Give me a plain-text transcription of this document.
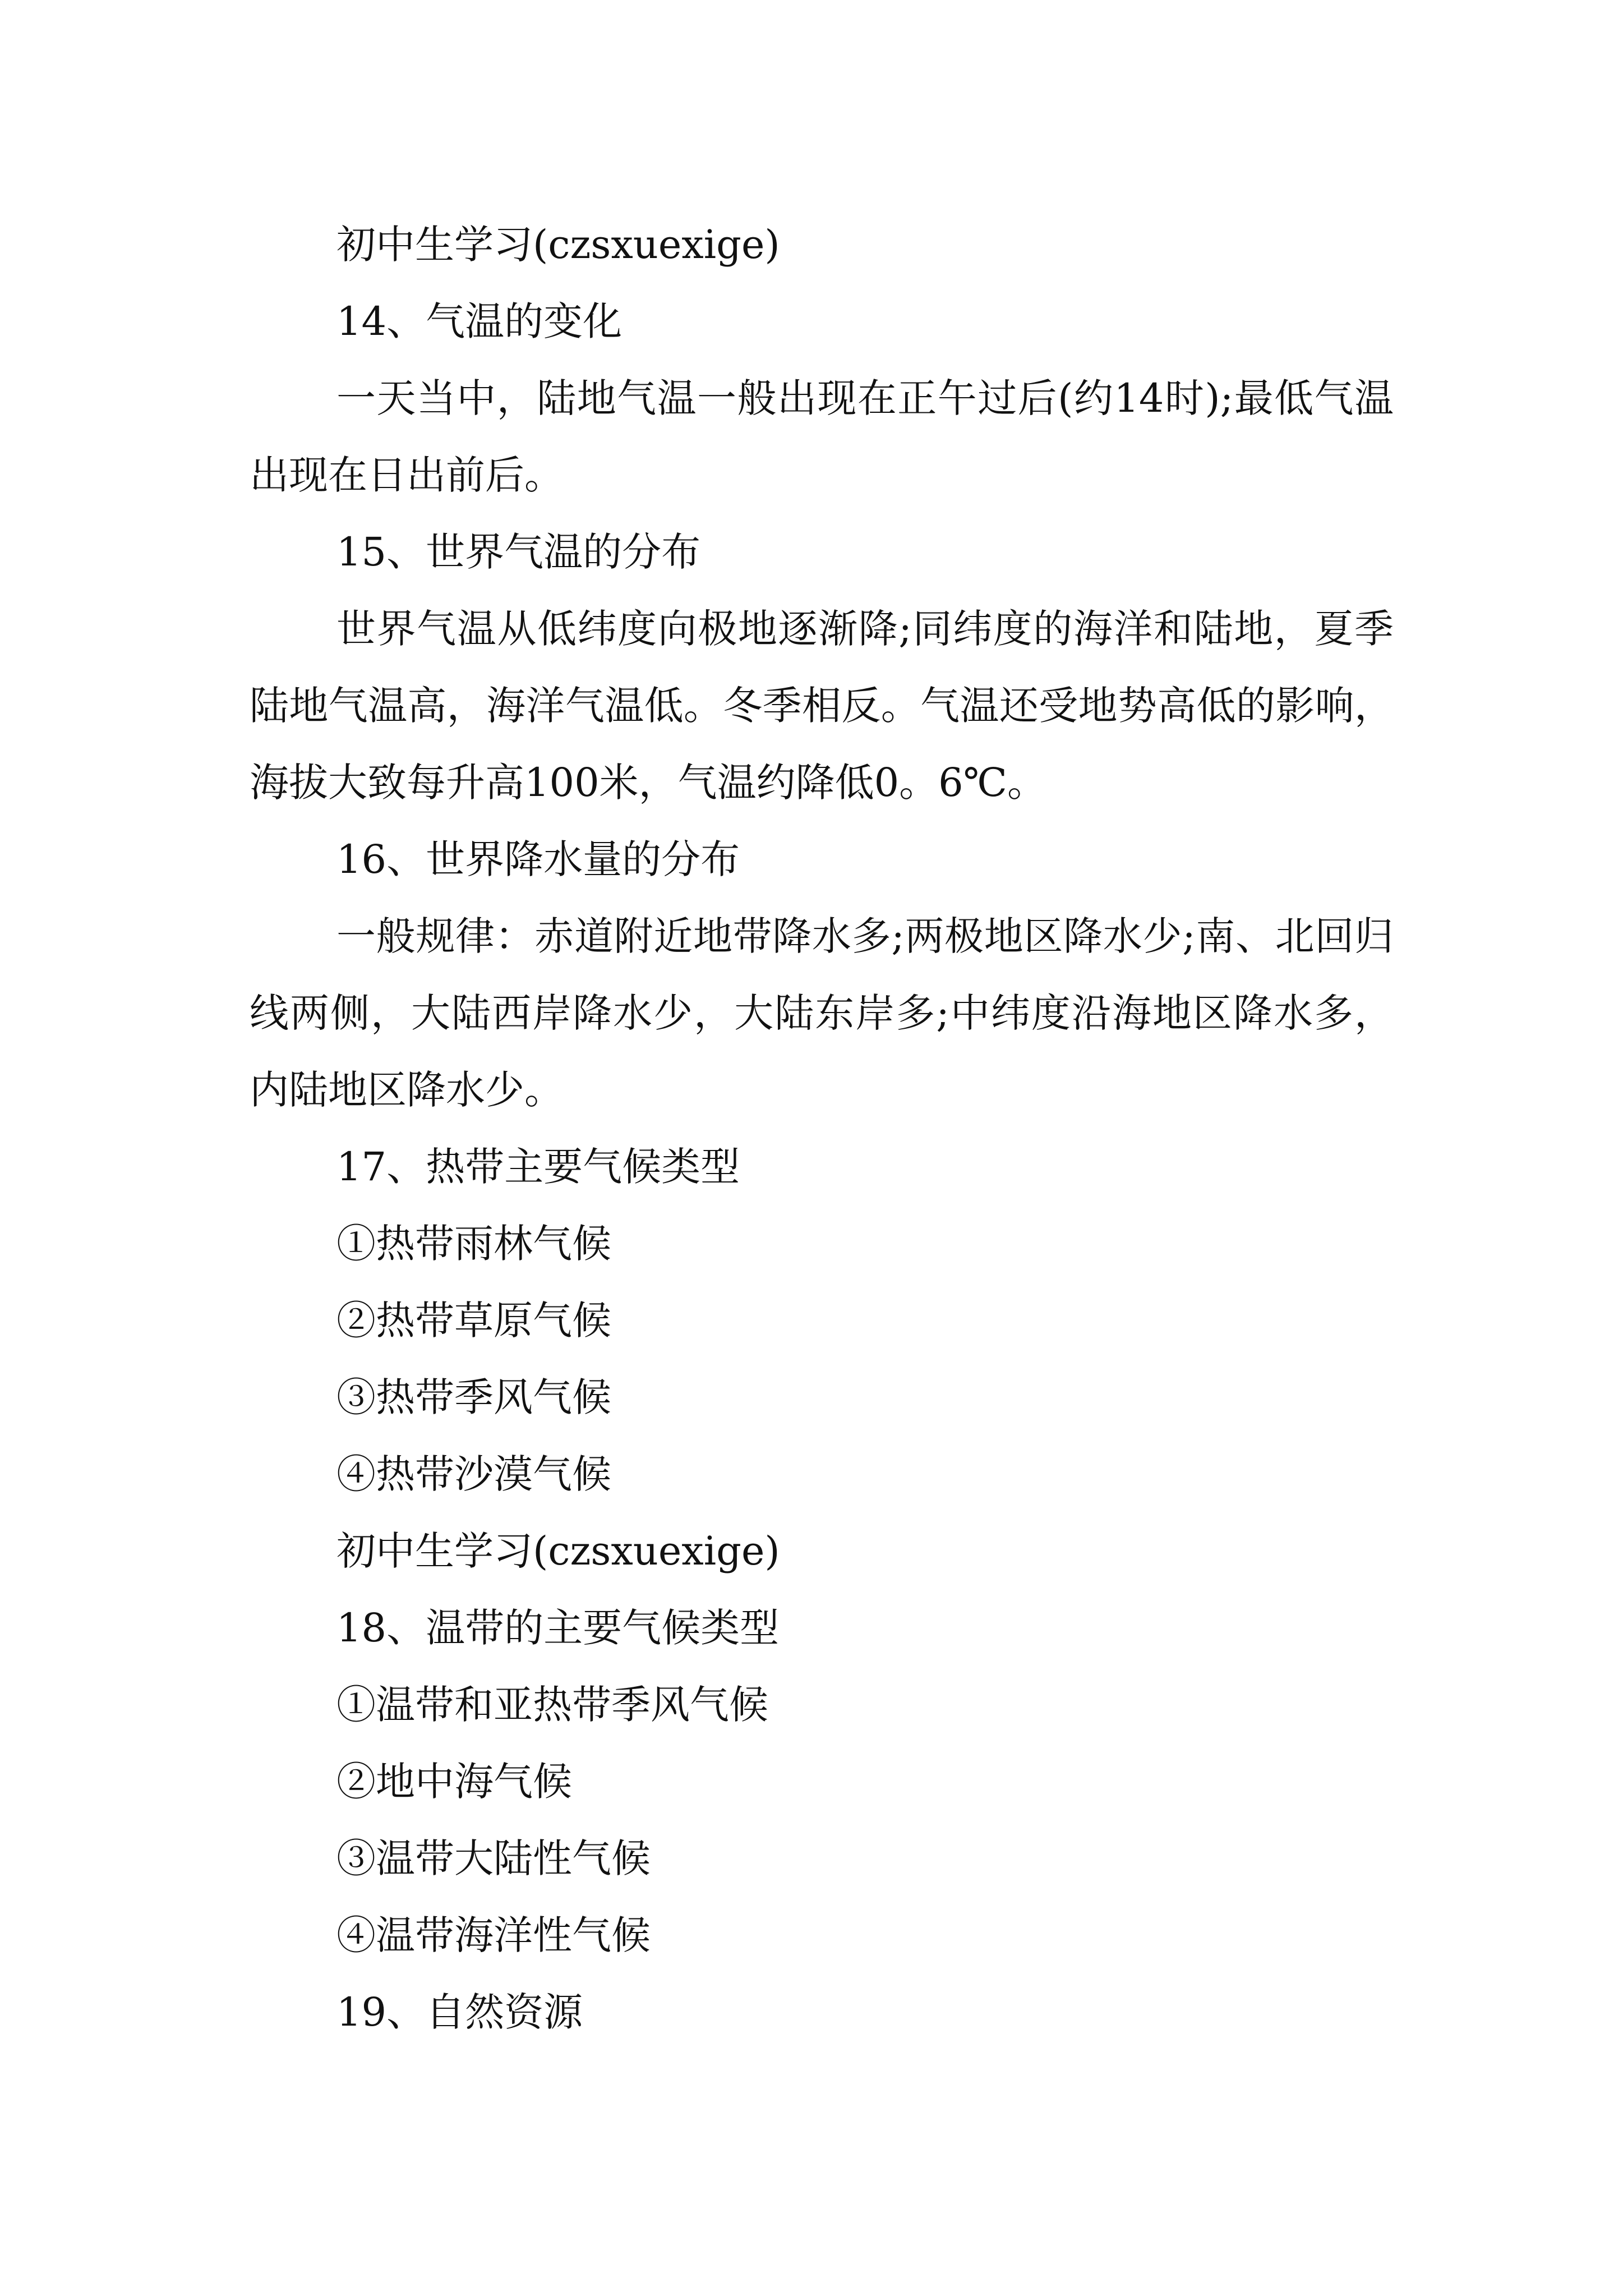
初中生学习(czsxuexige)

14、气温的变化

一天当中，陆地气温一般出现在正午过后(约14时);最低气温出现在日出前后。

15、世界气温的分布

世界气温从低纬度向极地逐渐降;同纬度的海洋和陆地，夏季陆地气温高，海洋气温低。冬季相反。气温还受地势高低的影响，海拔大致每升高100米，气温约降低0。6℃。

16、世界降水量的分布

一般规律：赤道附近地带降水多;两极地区降水少;南、北回归线两侧，大陆西岸降水少，大陆东岸多;中纬度沿海地区降水多，内陆地区降水少。

17、热带主要气候类型

①热带雨林气候

②热带草原气候

③热带季风气候

④热带沙漠气候

初中生学习(czsxuexige)

18、温带的主要气候类型

①温带和亚热带季风气候

②地中海气候

③温带大陆性气候

④温带海洋性气候

19、自然资源
